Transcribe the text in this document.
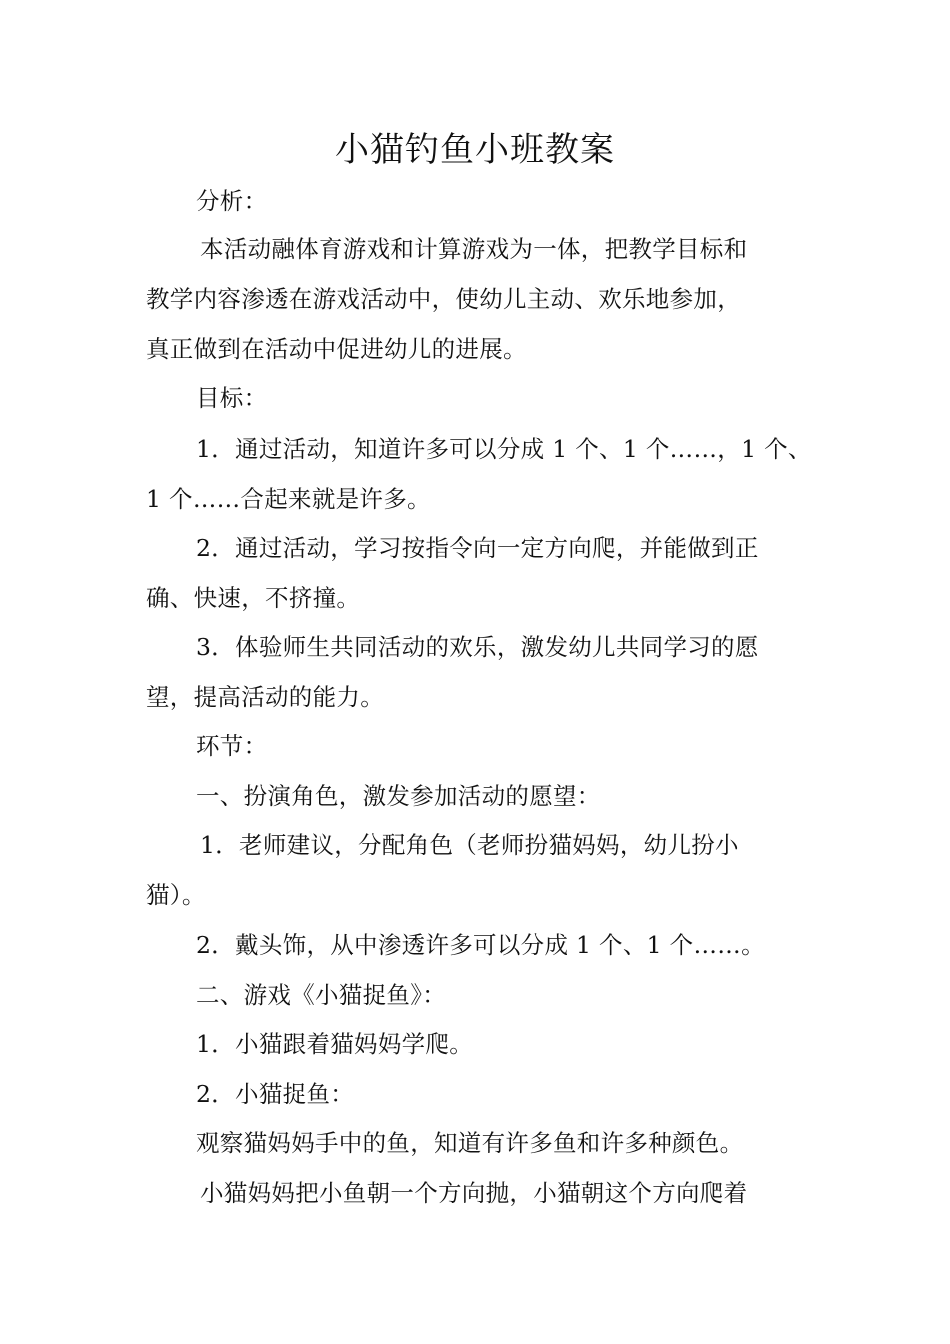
小猫钓鱼小班教案

分析：

本活动融体育游戏和计算游戏为一体，把教学目标和

教学内容渗透在游戏活动中，使幼儿主动、欢乐地参加，

真正做到在活动中促进幼儿的进展。

目标：

1．通过活动，知道许多可以分成 1 个、1 个……，1 个、

1 个……合起来就是许多。

2．通过活动，学习按指令向一定方向爬，并能做到正

确、快速，不挤撞。

3．体验师生共同活动的欢乐，激发幼儿共同学习的愿

望，提高活动的能力。

环节：

一、扮演角色，激发参加活动的愿望：

1．老师建议，分配角色（老师扮猫妈妈，幼儿扮小

猫）。

2．戴头饰，从中渗透许多可以分成 1 个、1 个……。

二、游戏《小猫捉鱼》：

1．小猫跟着猫妈妈学爬。

2．小猫捉鱼：

观察猫妈妈手中的鱼，知道有许多鱼和许多种颜色。

小猫妈妈把小鱼朝一个方向抛，小猫朝这个方向爬着
